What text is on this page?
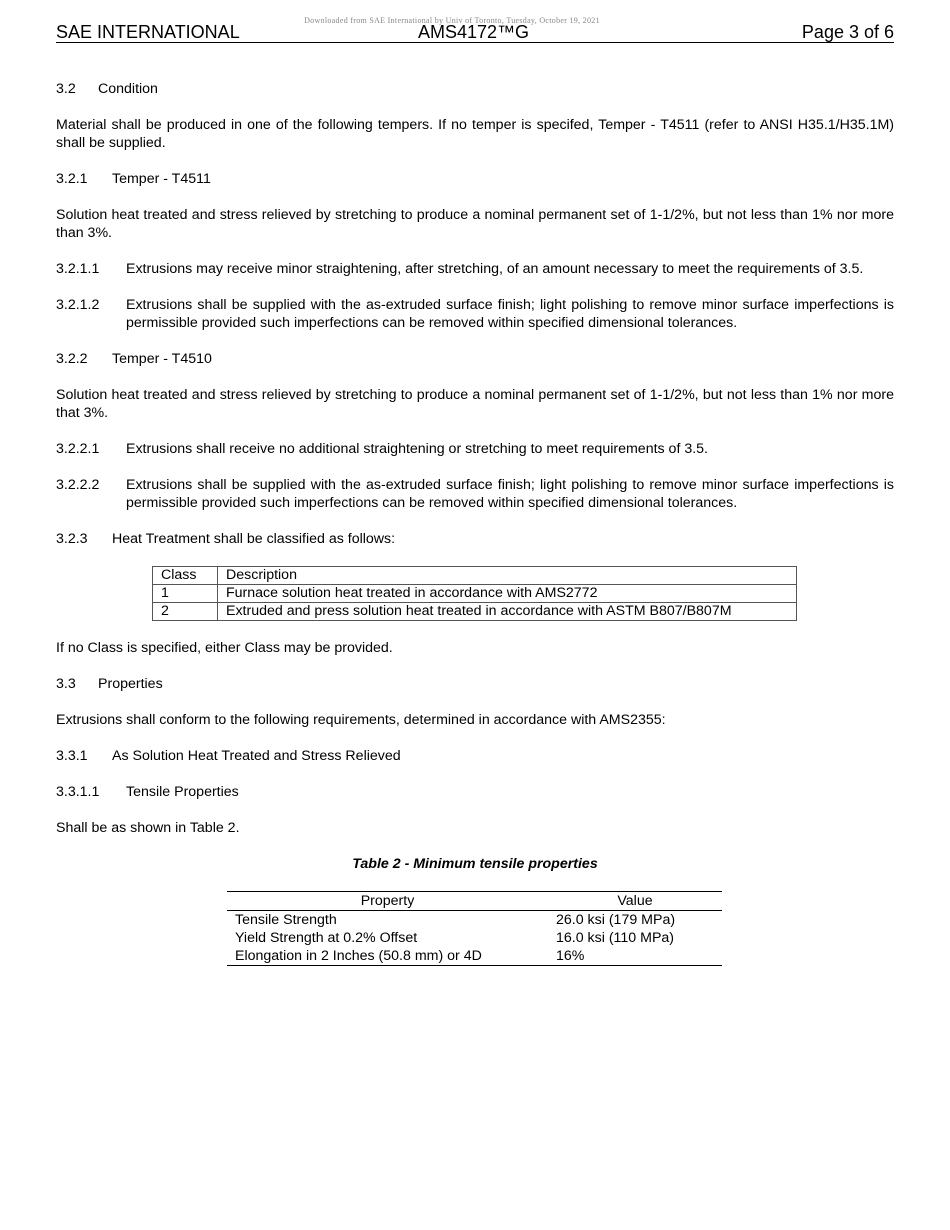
Downloaded from SAE International by Univ of Toronto, Tuesday, October 19, 2021
SAE INTERNATIONAL	AMS4172™G	Page 3 of 6
3.2 Condition

Material shall be produced in one of the following tempers. If no temper is specifed, Temper - T4511 (refer to ANSI H35.1/H35.1M) shall be supplied.

3.2.1 Temper - T4511

Solution heat treated and stress relieved by stretching to produce a nominal permanent set of 1-1/2%, but not less than 1% nor more than 3%.

3.2.1.1	Extrusions may receive minor straightening, after stretching, of an amount necessary to meet the requirements of 3.5.
3.2.1.2	Extrusions shall be supplied with the as-extruded surface finish; light polishing to remove minor surface imperfections is permissible provided such imperfections can be removed within specified dimensional tolerances.
3.2.2 Temper - T4510

Solution heat treated and stress relieved by stretching to produce a nominal permanent set of 1-1/2%, but not less than 1% nor more that 3%.

3.2.2.1	Extrusions shall receive no additional straightening or stretching to meet requirements of 3.5.
3.2.2.2	Extrusions shall be supplied with the as-extruded surface finish; light polishing to remove minor surface imperfections is permissible provided such imperfections can be removed within specified dimensional tolerances.
3.2.3 Heat Treatment shall be classified as follows:
Class	Description
1	Furnace solution heat treated in accordance with AMS2772
2	Extruded and press solution heat treated in accordance with ASTM B807/B807M

If no Class is specified, either Class may be provided.

3.3 Properties

Extrusions shall conform to the following requirements, determined in accordance with AMS2355:

3.3.1 As Solution Heat Treated and Stress Relieved
3.3.1.1 Tensile Properties

Shall be as shown in Table 2.

Table 2 - Minimum tensile properties
Property	Value
Tensile Strength	26.0 ksi (179 MPa)
Yield Strength at 0.2% Offset	16.0 ksi (110 MPa)
Elongation in 2 Inches (50.8 mm) or 4D	16%
